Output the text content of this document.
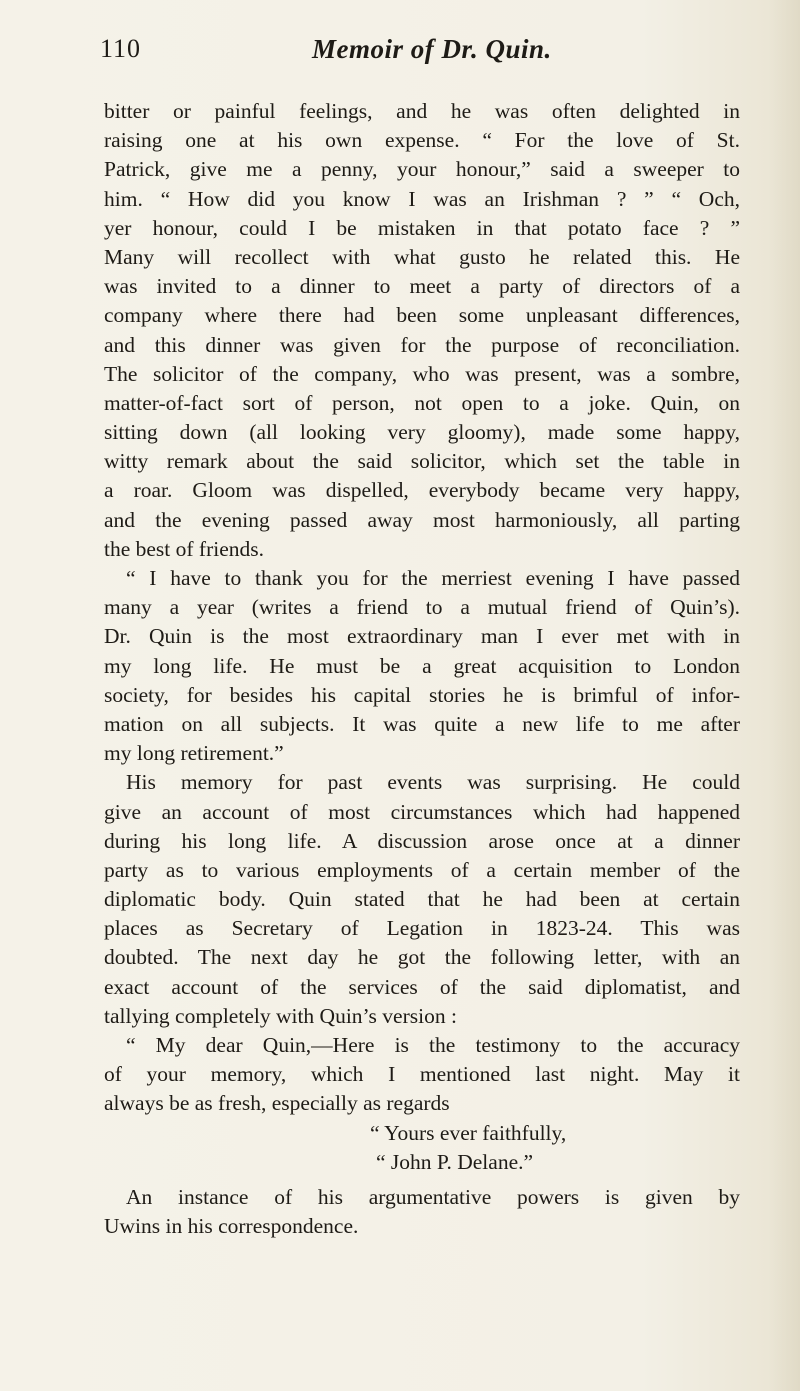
110	Memoir of Dr. Quin.
bitter or painful feelings, and he was often delighted in
raising one at his own expense. “ For the love of St.
Patrick, give me a penny, your honour,” said a sweeper to
him. “ How did you know I was an Irishman ? ” “ Och,
yer honour, could I be mistaken in that potato face ? ”
Many will recollect with what gusto he related this. He
was invited to a dinner to meet a party of directors of a
company where there had been some unpleasant differences,
and this dinner was given for the purpose of reconciliation.
The solicitor of the company, who was present, was a sombre,
matter-of-fact sort of person, not open to a joke. Quin, on
sitting down (all looking very gloomy), made some happy,
witty remark about the said solicitor, which set the table in
a roar. Gloom was dispelled, everybody became very happy,
and the evening passed away most harmoniously, all parting
the best of friends.
“ I have to thank you for the merriest evening I have passed
many a year (writes a friend to a mutual friend of Quin’s).
Dr. Quin is the most extraordinary man I ever met with in
my long life. He must be a great acquisition to London
society, for besides his capital stories he is brimful of infor-
mation on all subjects. It was quite a new life to me after
my long retirement.”
His memory for past events was surprising. He could
give an account of most circumstances which had happened
during his long life. A discussion arose once at a dinner
party as to various employments of a certain member of the
diplomatic body. Quin stated that he had been at certain
places as Secretary of Legation in 1823-24. This was
doubted. The next day he got the following letter, with an
exact account of the services of the said diplomatist, and
tallying completely with Quin’s version :
“ My dear Quin,—Here is the testimony to the accuracy
of your memory, which I mentioned last night. May it
always be as fresh, especially as regards
“ Yours ever faithfully,
“ John P. Delane.”
An instance of his argumentative powers is given by
Uwins in his correspondence.
